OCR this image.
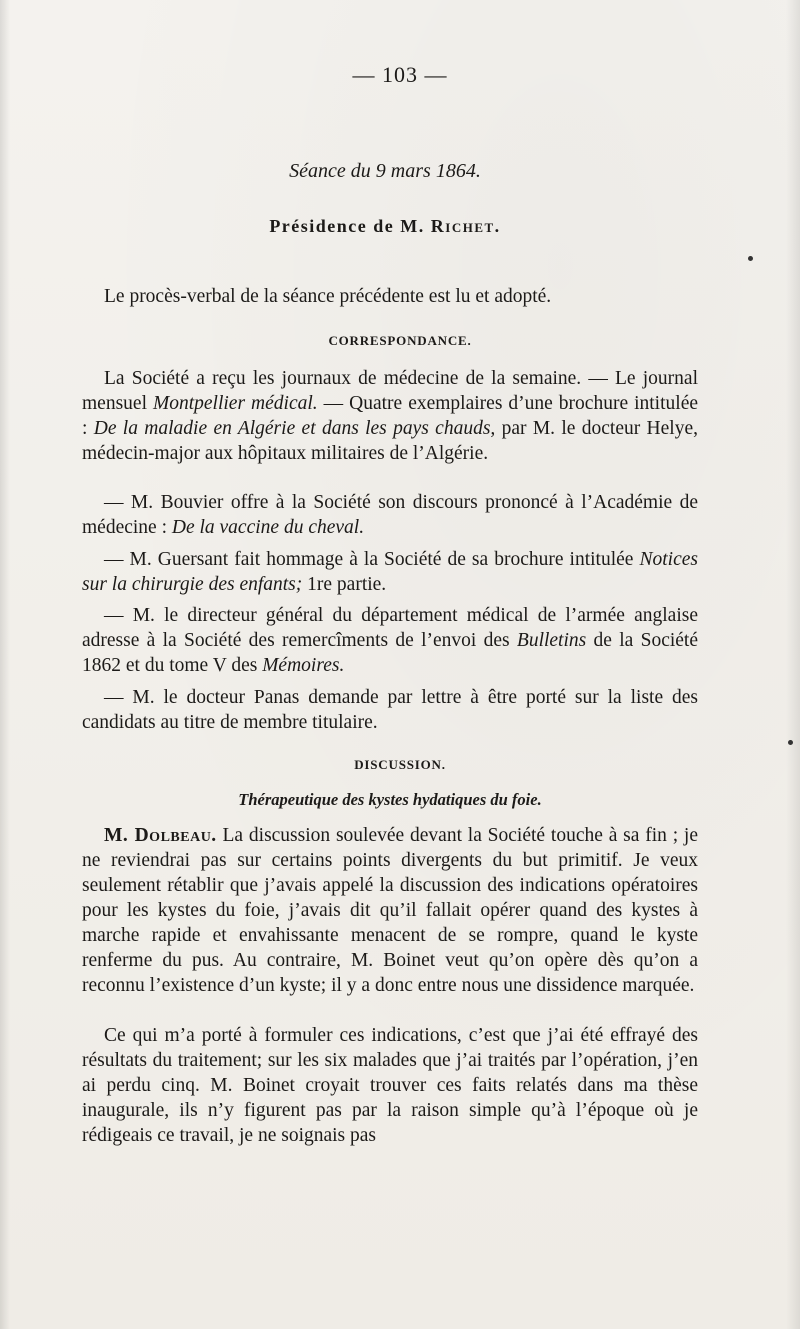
— 103 —
Séance du 9 mars 1864.
Présidence de M. Richet.
Le procès-verbal de la séance précédente est lu et adopté.
CORRESPONDANCE.
La Société a reçu les journaux de médecine de la semaine. — Le journal mensuel Montpellier médical. — Quatre exemplaires d’une brochure intitulée : De la maladie en Algérie et dans les pays chauds, par M. le docteur Helye, médecin-major aux hôpitaux militaires de l’Algérie.
— M. Bouvier offre à la Société son discours prononcé à l’Académie de médecine : De la vaccine du cheval.
— M. Guersant fait hommage à la Société de sa brochure intitulée Notices sur la chirurgie des enfants; 1re partie.
— M. le directeur général du département médical de l’armée anglaise adresse à la Société des remercîments de l’envoi des Bulletins de la Société 1862 et du tome V des Mémoires.
— M. le docteur Panas demande par lettre à être porté sur la liste des candidats au titre de membre titulaire.
DISCUSSION.
Thérapeutique des kystes hydatiques du foie.
M. Dolbeau. La discussion soulevée devant la Société touche à sa fin ; je ne reviendrai pas sur certains points divergents du but primitif. Je veux seulement rétablir que j’avais appelé la discussion des indications opératoires pour les kystes du foie, j’avais dit qu’il fallait opérer quand des kystes à marche rapide et envahissante menacent de se rompre, quand le kyste renferme du pus. Au contraire, M. Boinet veut qu’on opère dès qu’on a reconnu l’existence d’un kyste; il y a donc entre nous une dissidence marquée.
Ce qui m’a porté à formuler ces indications, c’est que j’ai été effrayé des résultats du traitement; sur les six malades que j’ai traités par l’opération, j’en ai perdu cinq. M. Boinet croyait trouver ces faits relatés dans ma thèse inaugurale, ils n’y figurent pas par la raison simple qu’à l’époque où je rédigeais ce travail, je ne soignais pas
